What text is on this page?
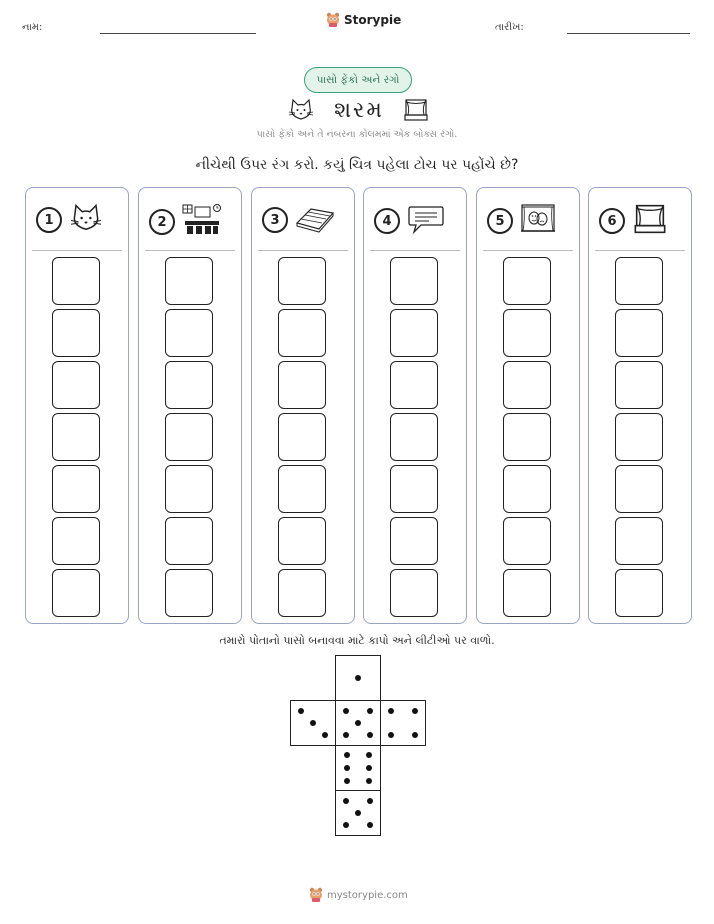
નામ:
Storypie
તારીખ:
પાસો ફેંકો અને રંગો
શરમ
પાસો ફેંકો અને તે નંબરના કોલમમાં એક બોક્સ રંગો.
નીચેથી ઉપર રંગ કરો. કયું ચિત્ર પહેલા ટોચ પર પહોંચે છે?
1	2	3	4	5	6
તમારો પોતાનો પાસો બનાવવા માટે કાપો અને લીટીઓ પર વાળો.
mystorypie.com
